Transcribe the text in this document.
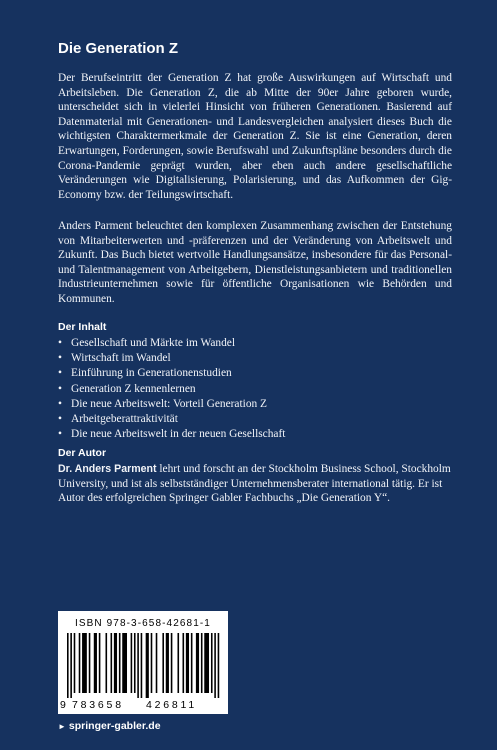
Die Generation Z
Der Berufseintritt der Generation Z hat große Auswirkungen auf Wirtschaft und Arbeitsleben. Die Generation Z, die ab Mitte der 90er Jahre geboren wurde, unterscheidet sich in vielerlei Hinsicht von früheren Generationen. Basierend auf Datenmaterial mit Generationen- und Landesvergleichen analysiert dieses Buch die wichtigsten Charaktermerkmale der Generation Z. Sie ist eine Generation, deren Erwartungen, Forderungen, sowie Berufswahl und Zukunftspläne besonders durch die Corona-Pandemie geprägt wurden, aber eben auch andere gesellschaftliche Veränderungen wie Digitalisierung, Polarisierung, und das Aufkommen der Gig-Economy bzw. der Teilungswirtschaft.
Anders Parment beleuchtet den komplexen Zusammenhang zwischen der Entstehung von Mitarbeiterwerten und -präferenzen und der Veränderung von Arbeitswelt und Zukunft. Das Buch bietet wertvolle Handlungsansätze, insbesondere für das Personal- und Talentmanagement von Arbeitgebern, Dienstleistungsanbietern und traditionellen Industrieunternehmen sowie für öffentliche Organisationen wie Behörden und Kommunen.
Der Inhalt
• Gesellschaft und Märkte im Wandel
• Wirtschaft im Wandel
• Einführung in Generationenstudien
• Generation Z kennenlernen
• Die neue Arbeitswelt: Vorteil Generation Z
• Arbeitgeberattraktivität
• Die neue Arbeitswelt in der neuen Gesellschaft
Der Autor
Dr. Anders Parment lehrt und forscht an der Stockholm Business School, Stockholm University, und ist als selbstständiger Unternehmensberater international tätig. Er ist Autor des erfolgreichen Springer Gabler Fachbuchs „Die Generation Y“.
ISBN 978-3-658-42681-1
9 783658 426811
► springer-gabler.de
